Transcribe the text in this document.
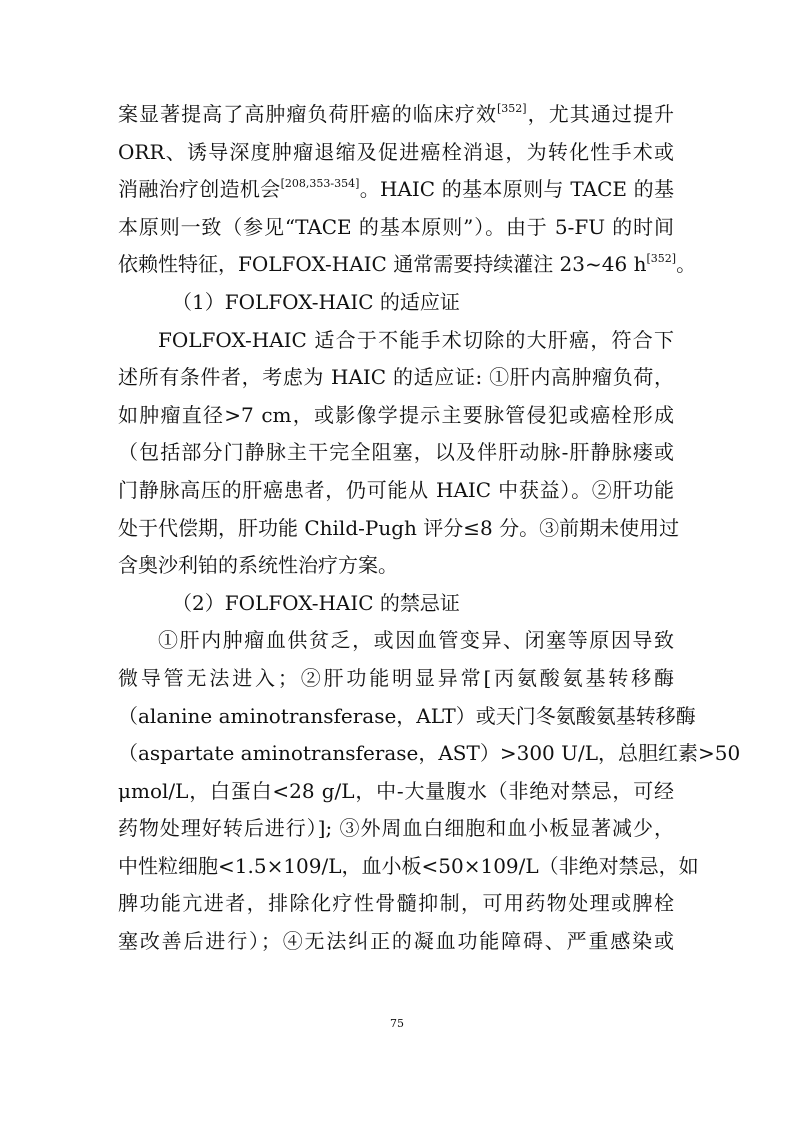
案显著提高了高肿瘤负荷肝癌的临床疗效[352]，尤其通过提升
ORR、诱导深度肿瘤退缩及促进癌栓消退，为转化性手术或
消融治疗创造机会[208,353-354]。HAIC 的基本原则与 TACE 的基
本原则一致（参见“TACE 的基本原则”）。由于 5-FU 的时间
依赖性特征，FOLFOX-HAIC 通常需要持续灌注 23~46 h[352]。
（1）FOLFOX-HAIC 的适应证
FOLFOX-HAIC 适合于不能手术切除的大肝癌，符合下
述所有条件者，考虑为 HAIC 的适应证: ①肝内高肿瘤负荷，
如肿瘤直径>7 cm，或影像学提示主要脉管侵犯或癌栓形成
（包括部分门静脉主干完全阻塞，以及伴肝动脉-肝静脉瘘或
门静脉高压的肝癌患者，仍可能从 HAIC 中获益）。②肝功能
处于代偿期，肝功能 Child-Pugh 评分≤8 分。③前期未使用过
含奥沙利铂的系统性治疗方案。
（2）FOLFOX-HAIC 的禁忌证
①肝内肿瘤血供贫乏，或因血管变异、闭塞等原因导致
微导管无法进入；②肝功能明显异常[丙氨酸氨基转移酶
（alanine aminotransferase，ALT）或天门冬氨酸氨基转移酶
（aspartate aminotransferase，AST）>300 U/L，总胆红素>50
μmol/L，白蛋白<28 g/L，中-大量腹水（非绝对禁忌，可经
药物处理好转后进行）]; ③外周血白细胞和血小板显著减少，
中性粒细胞<1.5×109/L，血小板<50×109/L（非绝对禁忌，如
脾功能亢进者，排除化疗性骨髓抑制，可用药物处理或脾栓
塞改善后进行）；④无法纠正的凝血功能障碍、严重感染或
75
